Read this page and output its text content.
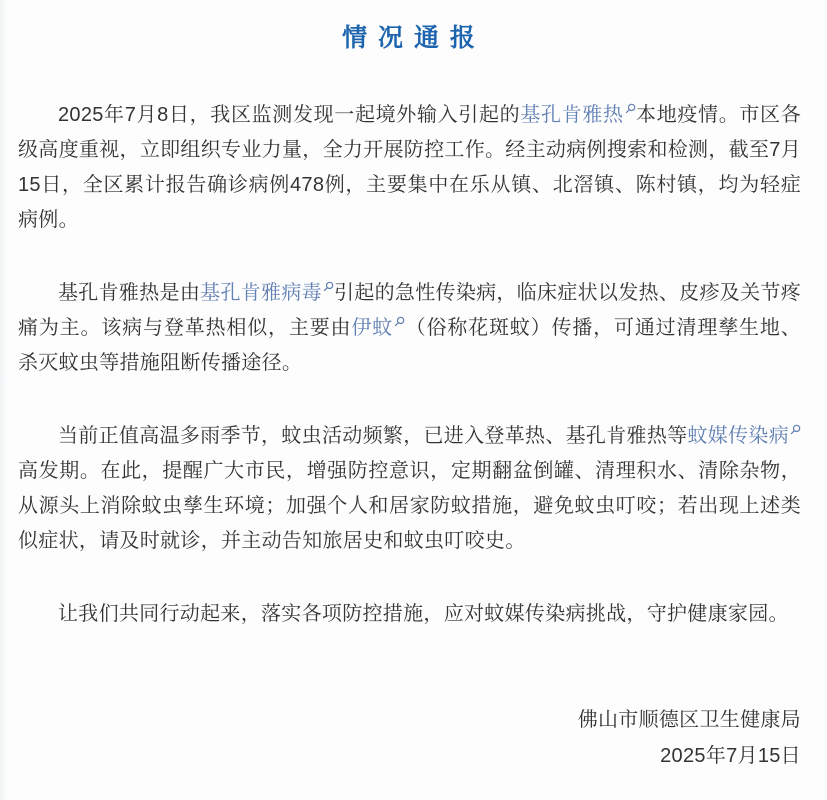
情 况 通 报

2025年7月8日，我区监测发现一起境外输入引起的基孔肯雅热 本地疫情。市区各级高度重视，立即组织专业力量，全力开展防控工作。经主动病例搜索和检测，截至7月15日，全区累计报告确诊病例478例，主要集中在乐从镇、北滘镇、陈村镇，均为轻症病例。

基孔肯雅热是由基孔肯雅病毒 引起的急性传染病，临床症状以发热、皮疹及关节疼痛为主。该病与登革热相似，主要由伊蚊 （俗称花斑蚊）传播，可通过清理孳生地、杀灭蚊虫等措施阻断传播途径。

当前正值高温多雨季节，蚊虫活动频繁，已进入登革热、基孔肯雅热等蚊媒传染病
高发期。在此，提醒广大市民，增强防控意识，定期翻盆倒罐、清理积水、清除杂物，从源头上消除蚊虫孳生环境；加强个人和居家防蚊措施，避免蚊虫叮咬；若出现上述类似症状，请及时就诊，并主动告知旅居史和蚊虫叮咬史。

让我们共同行动起来，落实各项防控措施，应对蚊媒传染病挑战，守护健康家园。

佛山市顺德区卫生健康局
2025年7月15日
